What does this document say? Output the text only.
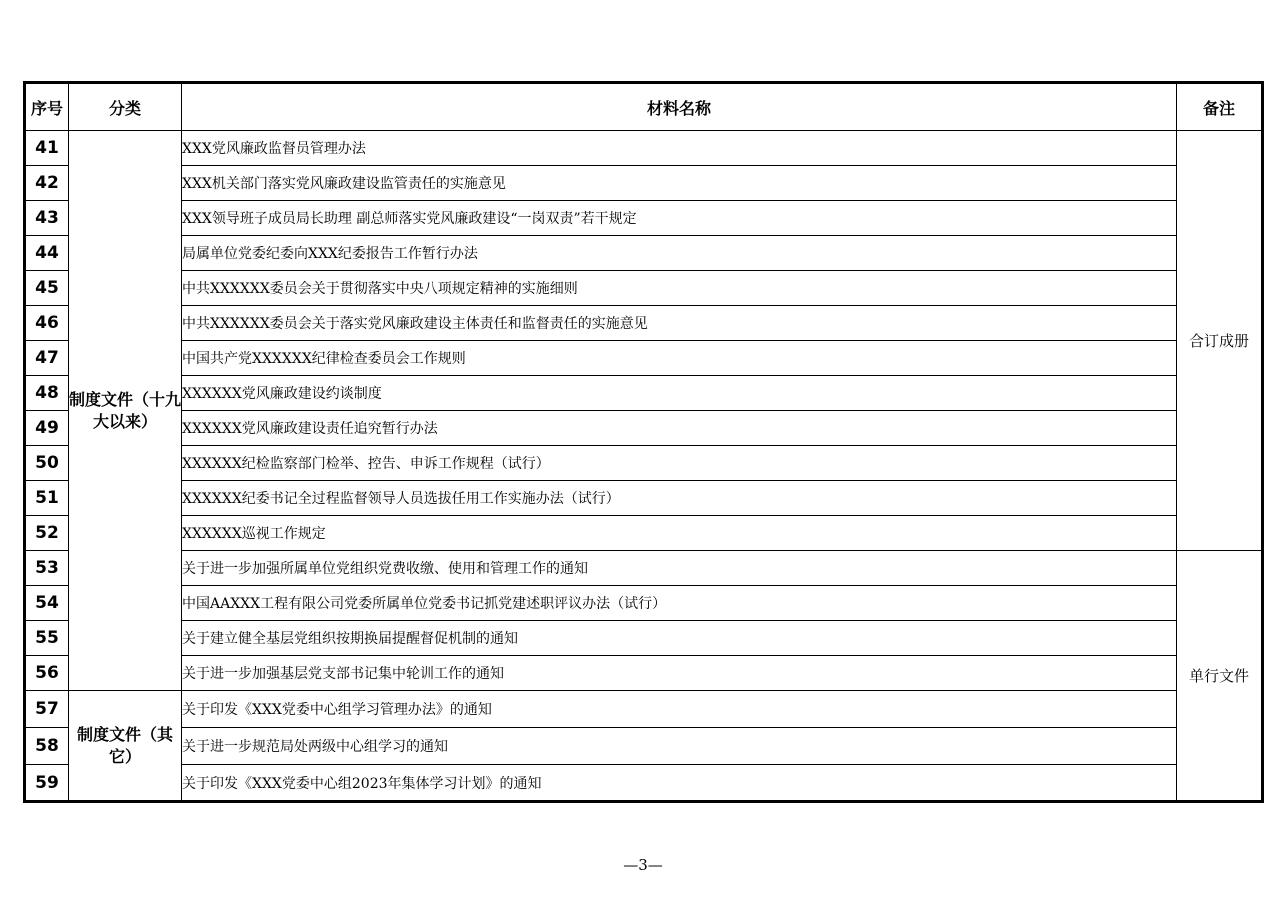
序号	分类	材料名称	备注
41	制度文件（十九大以来）	XXX党风廉政监督员管理办法	合订成册
42		XXX机关部门落实党风廉政建设监管责任的实施意见	
43		XXX领导班子成员局长助理 副总师落实党风廉政建设“一岗双责”若干规定	
44		局属单位党委纪委向XXX纪委报告工作暂行办法	
45		中共XXXXXX委员会关于贯彻落实中央八项规定精神的实施细则	
46		中共XXXXXX委员会关于落实党风廉政建设主体责任和监督责任的实施意见	
47		中国共产党XXXXXX纪律检查委员会工作规则	
48		XXXXXX党风廉政建设约谈制度	
49		XXXXXX党风廉政建设责任追究暂行办法	
50		XXXXXX纪检监察部门检举、控告、申诉工作规程（试行）	
51		XXXXXX纪委书记全过程监督领导人员选拔任用工作实施办法（试行）	
52		XXXXXX巡视工作规定	
53		关于进一步加强所属单位党组织党费收缴、使用和管理工作的通知	单行文件
54		中国AAXXX工程有限公司党委所属单位党委书记抓党建述职评议办法（试行）	
55		关于建立健全基层党组织按期换届提醒督促机制的通知	
56		关于进一步加强基层党支部书记集中轮训工作的通知	
57	制度文件（其它）	关于印发《XXX党委中心组学习管理办法》的通知	
58		关于进一步规范局处两级中心组学习的通知	
59		关于印发《XXX党委中心组2023年集体学习计划》的通知	
—3—
